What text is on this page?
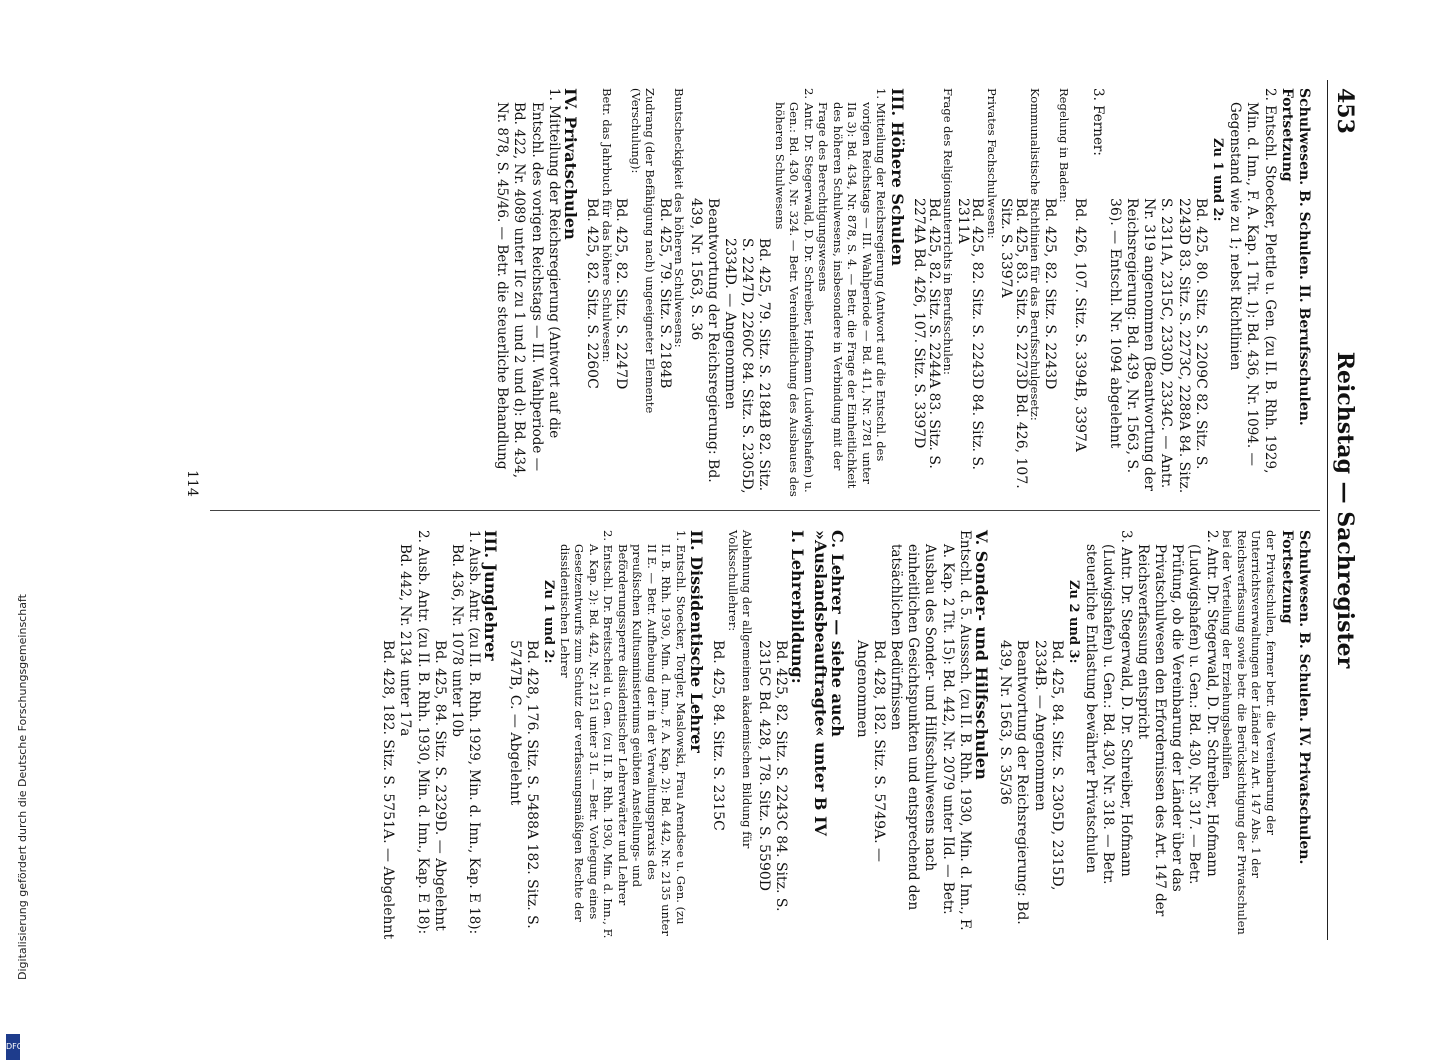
453
Reichstag — Sachregister
Schulwesen. B. Schulen. II. Berufsschulen. Fortsetzung
2. Entschl. Stoecker, Plettle u. Gen. (zu II. B. Rhh. 1929, Min. d. Inn., F. A. Kap. 1 Tit. 1): Bd. 436, Nr. 1094. — Gegenstand wie zu 1; nebst Richtlinien
Zu 1 und 2:
Bd. 425, 80. Sitz. S. 2209C 82. Sitz. S. 2243D 83. Sitz. S. 2273C, 2288A 84. Sitz. S. 2311A, 2315C, 2330D, 2334C. — Antr. Nr. 319 angenommen (Beantwortung der Reichsregierung: Bd. 439, Nr. 1563, S. 36). — Entschl. Nr. 1094 abgelehnt
3. Ferner:
Bd. 426, 107. Sitz. S. 3394B, 3397A
Regelung in Baden:
Bd. 425, 82. Sitz. S. 2243D
Kommunalistische Richtlinien für das Berufsschulgesetz:
Bd. 425, 83. Sitz. S. 2273D Bd. 426, 107. Sitz. S. 3397A
Privates Fachschulwesen:
Bd. 425, 82. Sitz. S. 2243D 84. Sitz. S. 2311A
Frage des Religionsunterrichts in Berufsschulen:
Bd. 425, 82. Sitz. S. 2244A 83. Sitz. S. 2274A Bd. 426, 107. Sitz. S. 3397D
III. Höhere Schulen
1. Mitteilung der Reichsregierung (Antwort auf die Entschl. des vorigen Reichstags — III. Wahlperiode — Bd. 411, Nr. 2781 unter IIa 3): Bd. 434, Nr. 878, S. 4. — Betr. die Frage der Einheitlichkeit des höheren Schulwesens, insbesondere in Verbindung mit der Frage des Berechtigungswesens
2. Antr. Dr. Stegerwald, D. Dr. Schreiber, Hofmann (Ludwigshafen) u. Gen.: Bd. 430, Nr. 324. — Betr. Vereinheitlichung des Ausbaues des höheren Schulwesens
Bd. 425, 79. Sitz. S. 2184B 82. Sitz. S. 2247D, 2260C 84. Sitz. S. 2305D, 2334D. — Angenommen
Beantwortung der Reichsregierung: Bd. 439, Nr. 1563, S. 36
Buntscheckigkeit des höheren Schulwesens:
Bd. 425, 79. Sitz. S. 2184B
Zudrang (der Befähigung nach) ungeeigneter Elemente (Verschulung):
Bd. 425, 82. Sitz. S. 2247D
Betr. das Jahrbuch für das höhere Schulwesen:
Bd. 425, 82. Sitz. S. 2260C
IV. Privatschulen
1. Mitteilung der Reichsregierung (Antwort auf die Entschl. des vorigen Reichstags — III. Wahlperiode — Bd. 422, Nr. 4089 unter IIc zu 1 und 2 und d): Bd. 434, Nr. 878, S. 45/46. — Betr. die steuerliche Behandlung
Schulwesen. B. Schulen. IV. Privatschulen. Fortsetzung
der Privatschulen, ferner betr. die Vereinbarung der Unterrichtsverwaltungen der Länder zu Art. 147 Abs. 1 der Reichsverfassung sowie betr. die Berücksichtigung der Privatschulen bei der Verteilung der Erziehungsbeihilfen
2. Antr. Dr. Stegerwald, D. Dr. Schreiber, Hofmann (Ludwigshafen) u. Gen.: Bd. 430, Nr. 317. — Betr. Prüfung, ob die Vereinbarung der Länder über das Privatschulwesen den Erfordernissen des Art. 147 der Reichsverfassung entspricht
3. Antr. Dr. Stegerwald, D. Dr. Schreiber, Hofmann (Ludwigshafen) u. Gen.: Bd. 430, Nr. 318. — Betr. steuerliche Entlastung bewährter Privatschulen
Zu 2 und 3:
Bd. 425, 84. Sitz. S. 2305D, 2315D, 2334B. — Angenommen
Beantwortung der Reichsregierung: Bd. 439, Nr. 1563, S. 35/36
V. Sonder- und Hilfsschulen
Entschl. d. 5. Ausssch. (zu II. B. Rhh. 1930, Min. d. Inn., F. A. Kap. 2 Tit. 15): Bd. 442, Nr. 2079 unter IId. — Betr. Ausbau des Sonder- und Hilfsschulwesens nach einheitlichen Gesichtspunkten und entsprechend den tatsächlichen Bedürfnissen
Bd. 428, 182. Sitz. S. 5749A. — Angenommen
C. Lehrer — siehe auch »Auslandsbeauftragte« unter B IV
I. Lehrerbildung:
Bd. 425, 82. Sitz. S. 2243C 84. Sitz. S. 2315C Bd. 428, 178. Sitz. S. 5590D
Ablehnung der allgemeinen akademischen Bildung für Volksschullehrer:
Bd. 425, 84. Sitz. S. 2315C
II. Dissidentische Lehrer
1. Entschl. Stoecker, Torgler, Maslowski, Frau Arendsee u. Gen. (zu II. B. Rhh. 1930, Min. d. Inn., F. A. Kap. 2): Bd. 442, Nr. 2135 unter II E. — Betr. Aufhebung der in der Verwaltungspraxis des preußischen Kultusministeriums geübten Anstellungs- und Beförderungssperre dissidentischer Lehrerwärter und Lehrer
2. Entschl. Dr. Breitscheid u. Gen. (zu II. B. Rhh. 1930, Min. d. Inn., F. A. Kap. 2): Bd. 442, Nr. 2151 unter 3 II. — Betr. Vorlegung eines Gesetzentwurfs zum Schutz der verfassungsmäßigen Rechte der dissidentischen Lehrer
Zu 1 und 2:
Bd. 428, 176. Sitz. S. 5488A 182. Sitz. S. 5747B, C. — Abgelehnt
III. Junglehrer
1. Ausb. Antr. (zu II. B. Rhh. 1929, Min. d. Inn., Kap. E 18): Bd. 436, Nr. 1078 unter 10b
Bd. 425, 84. Sitz. S. 2329D. — Abgelehnt
2. Ausb. Antr. (zu II. B. Rhh. 1930, Min. d. Inn., Kap. E 18): Bd. 442, Nr. 2134 unter 17a
Bd. 428, 182. Sitz. S. 5751A. — Abgelehnt
114
Digitalisierung gefördert durch die Deutsche Forschungsgemeinschaft
DFG
